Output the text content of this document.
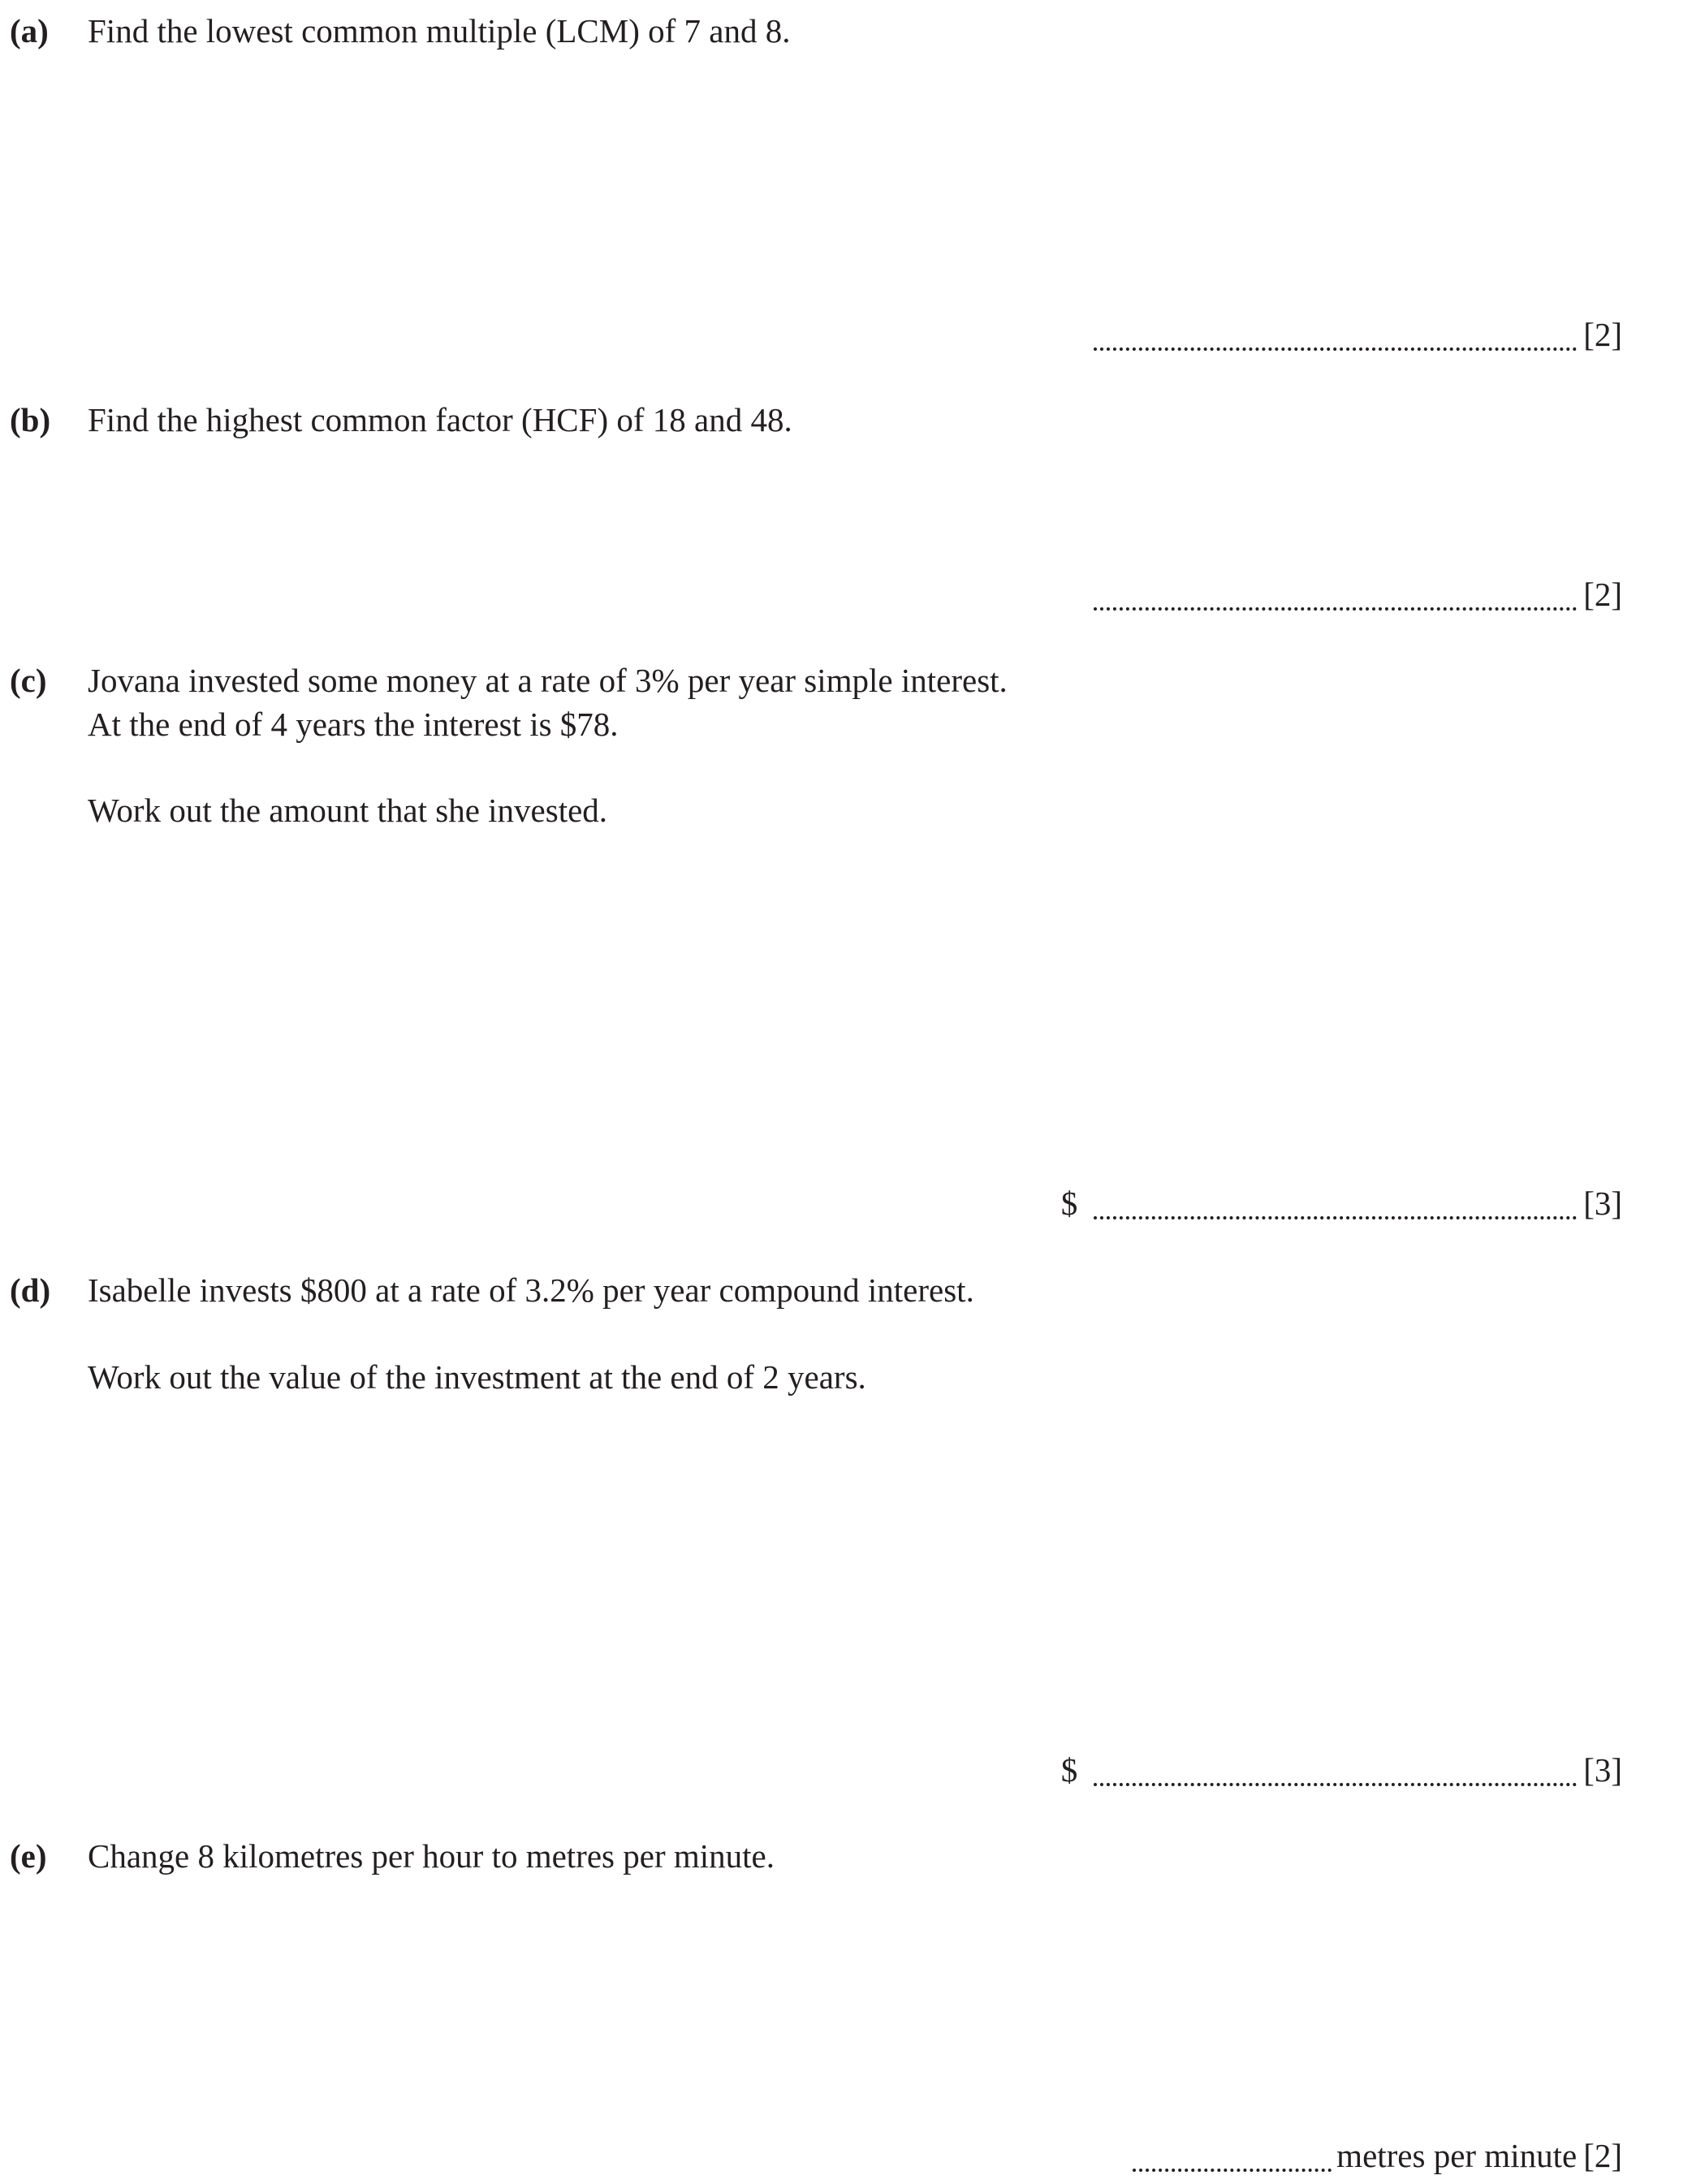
(a) Find the lowest common multiple (LCM) of 7 and 8.
[2]
(b) Find the highest common factor (HCF) of 18 and 48.
[2]
(c) Jovana invested some money at a rate of 3% per year simple interest.
At the end of 4 years the interest is $78.
Work out the amount that she invested.
$	[3]
(d) Isabelle invests $800 at a rate of 3.2% per year compound interest.
Work out the value of the investment at the end of 2 years.
$	[3]
(e) Change 8 kilometres per hour to metres per minute.
metres per minute [2]
